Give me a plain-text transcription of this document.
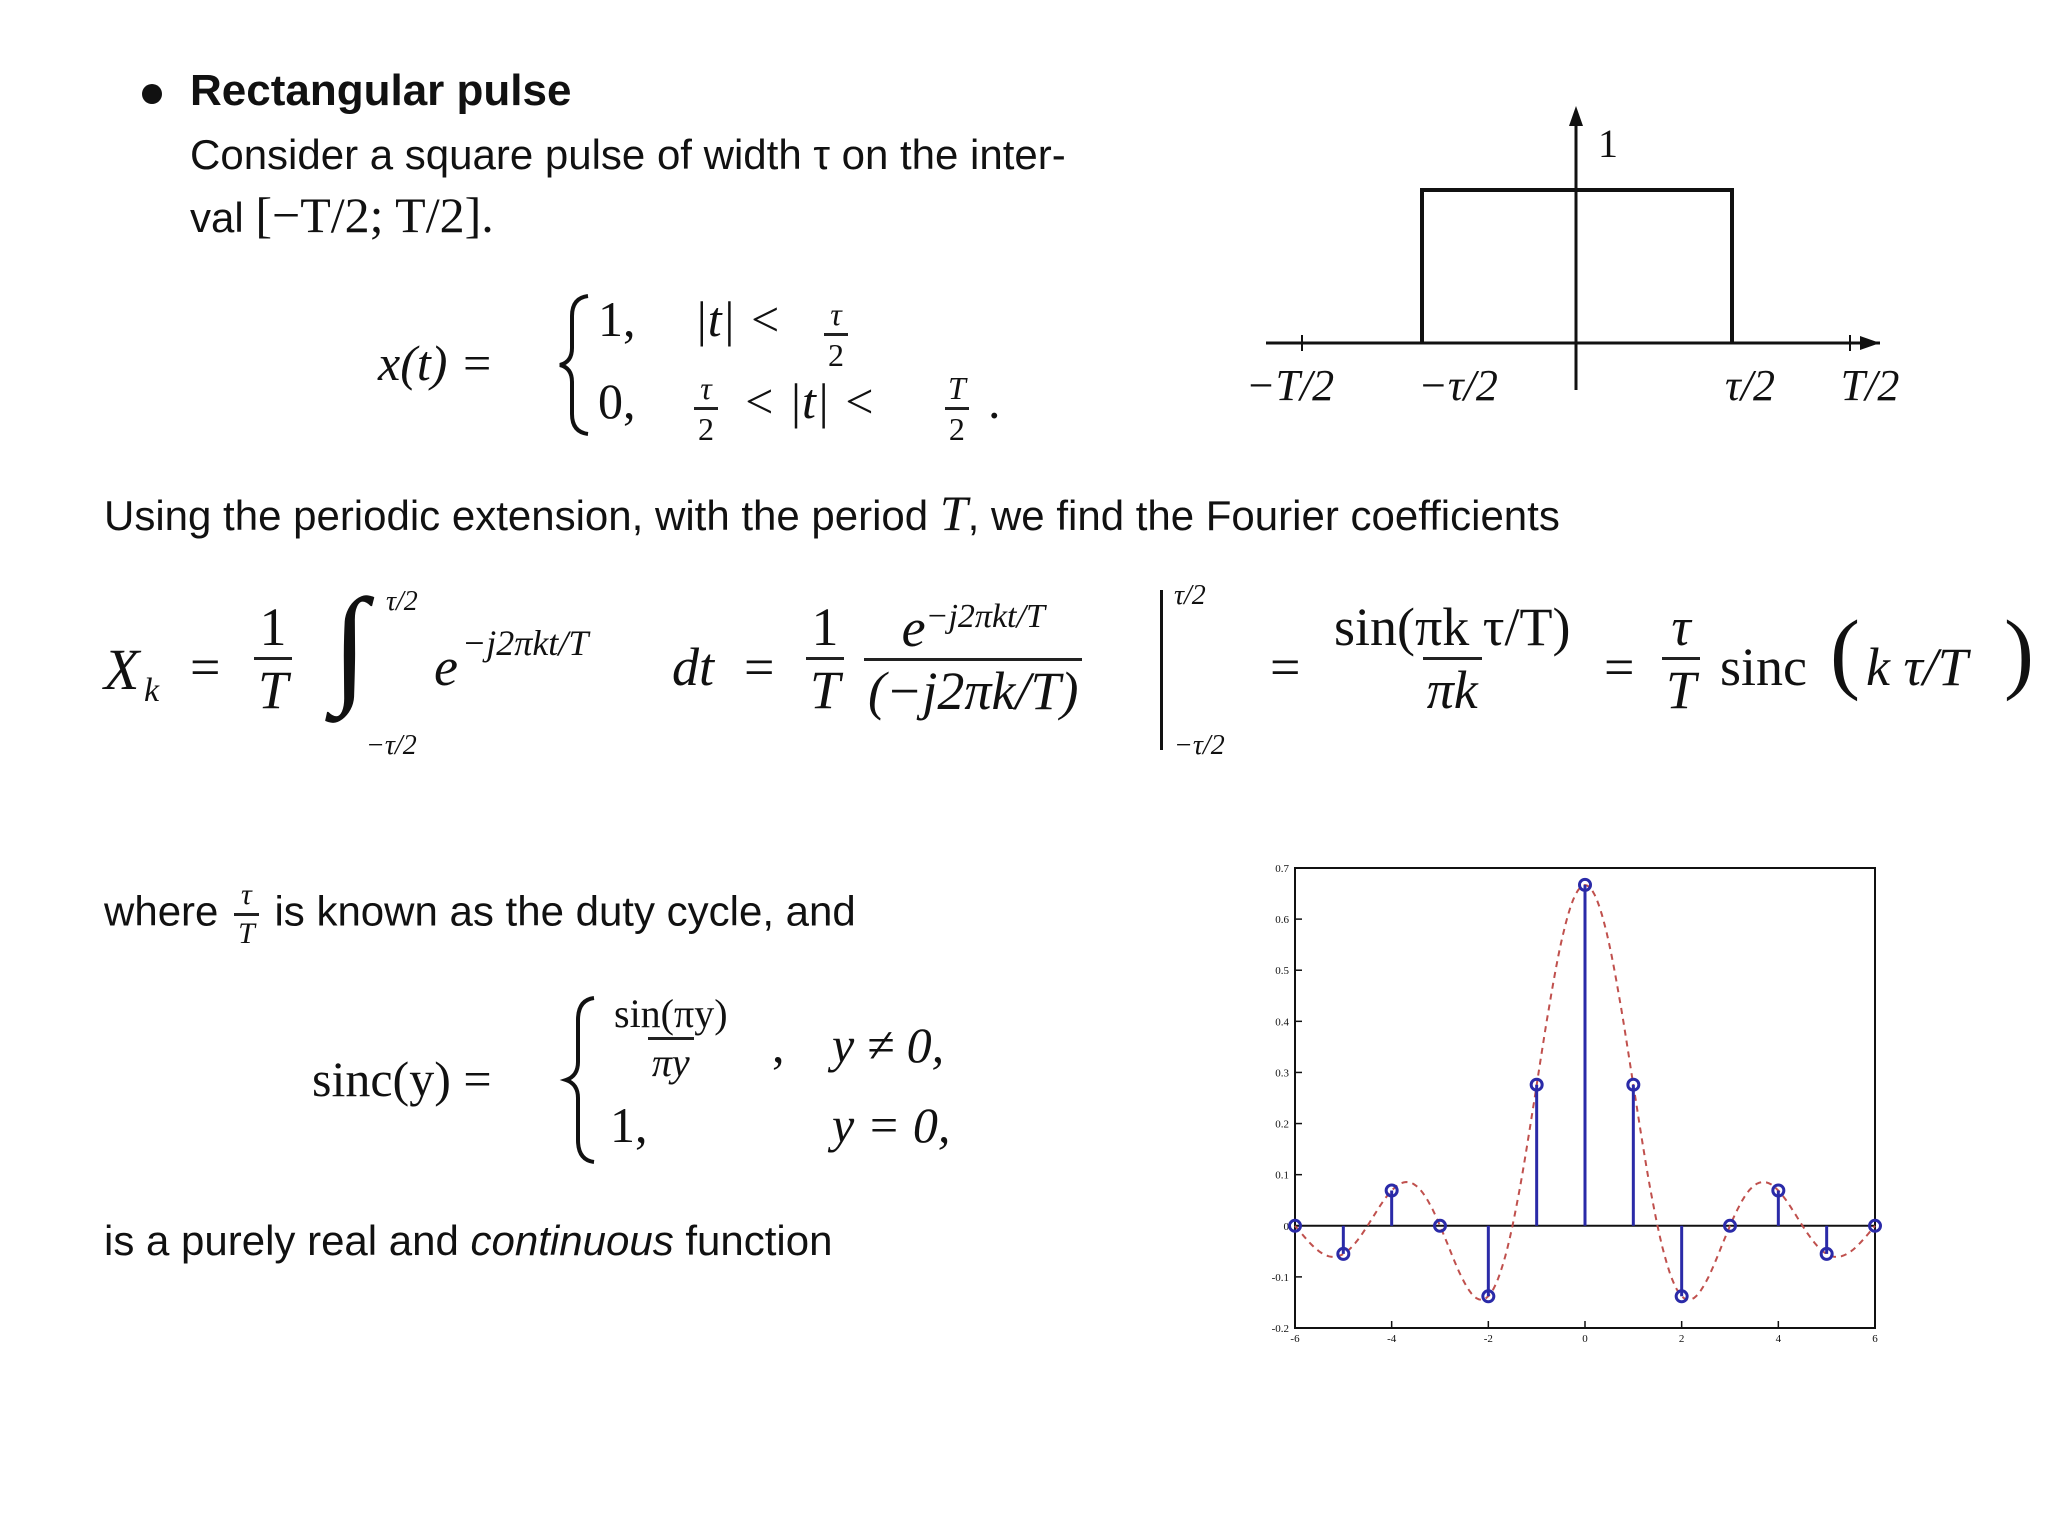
Rectangular pulse
Consider a square pulse of width τ on the inter-
val [−T/2; T/2].
x(t) =
1, $|t| < \frac{\tau}{2}$
0, $\frac{\tau}{2} < |t| < \frac{T}{2}$ .
1
−T/2 −τ/2	τ/2 T/2
Using the periodic extension, with the period T, we find the Fourier coefficients
X $k = \frac{1}{T}$ ∫ τ/2
−τ/2
e −j2πkt/T dt = $\frac{1}{T} e^{-j2\pi kt/T}$
(−j2πk/T)
τ/2
−τ/2
= $\frac{\text{sin(πk τ/T)}}{\pi k} = \frac{\tau}{T}$ sinc ( k τ/T )
where $\frac{\tau}{T}$ is known as the duty cycle, and
sinc(y) =	$\frac{\sin(\pi y)}{\pi y}$ , y ≠ 0,
1,	y = 0,
is a purely real and continuous function
-0.2
-0.1
0
0.1
0.2
0.3
0.4
0.5
0.6
0.7
-6	-4	-2	0	2	4	6
